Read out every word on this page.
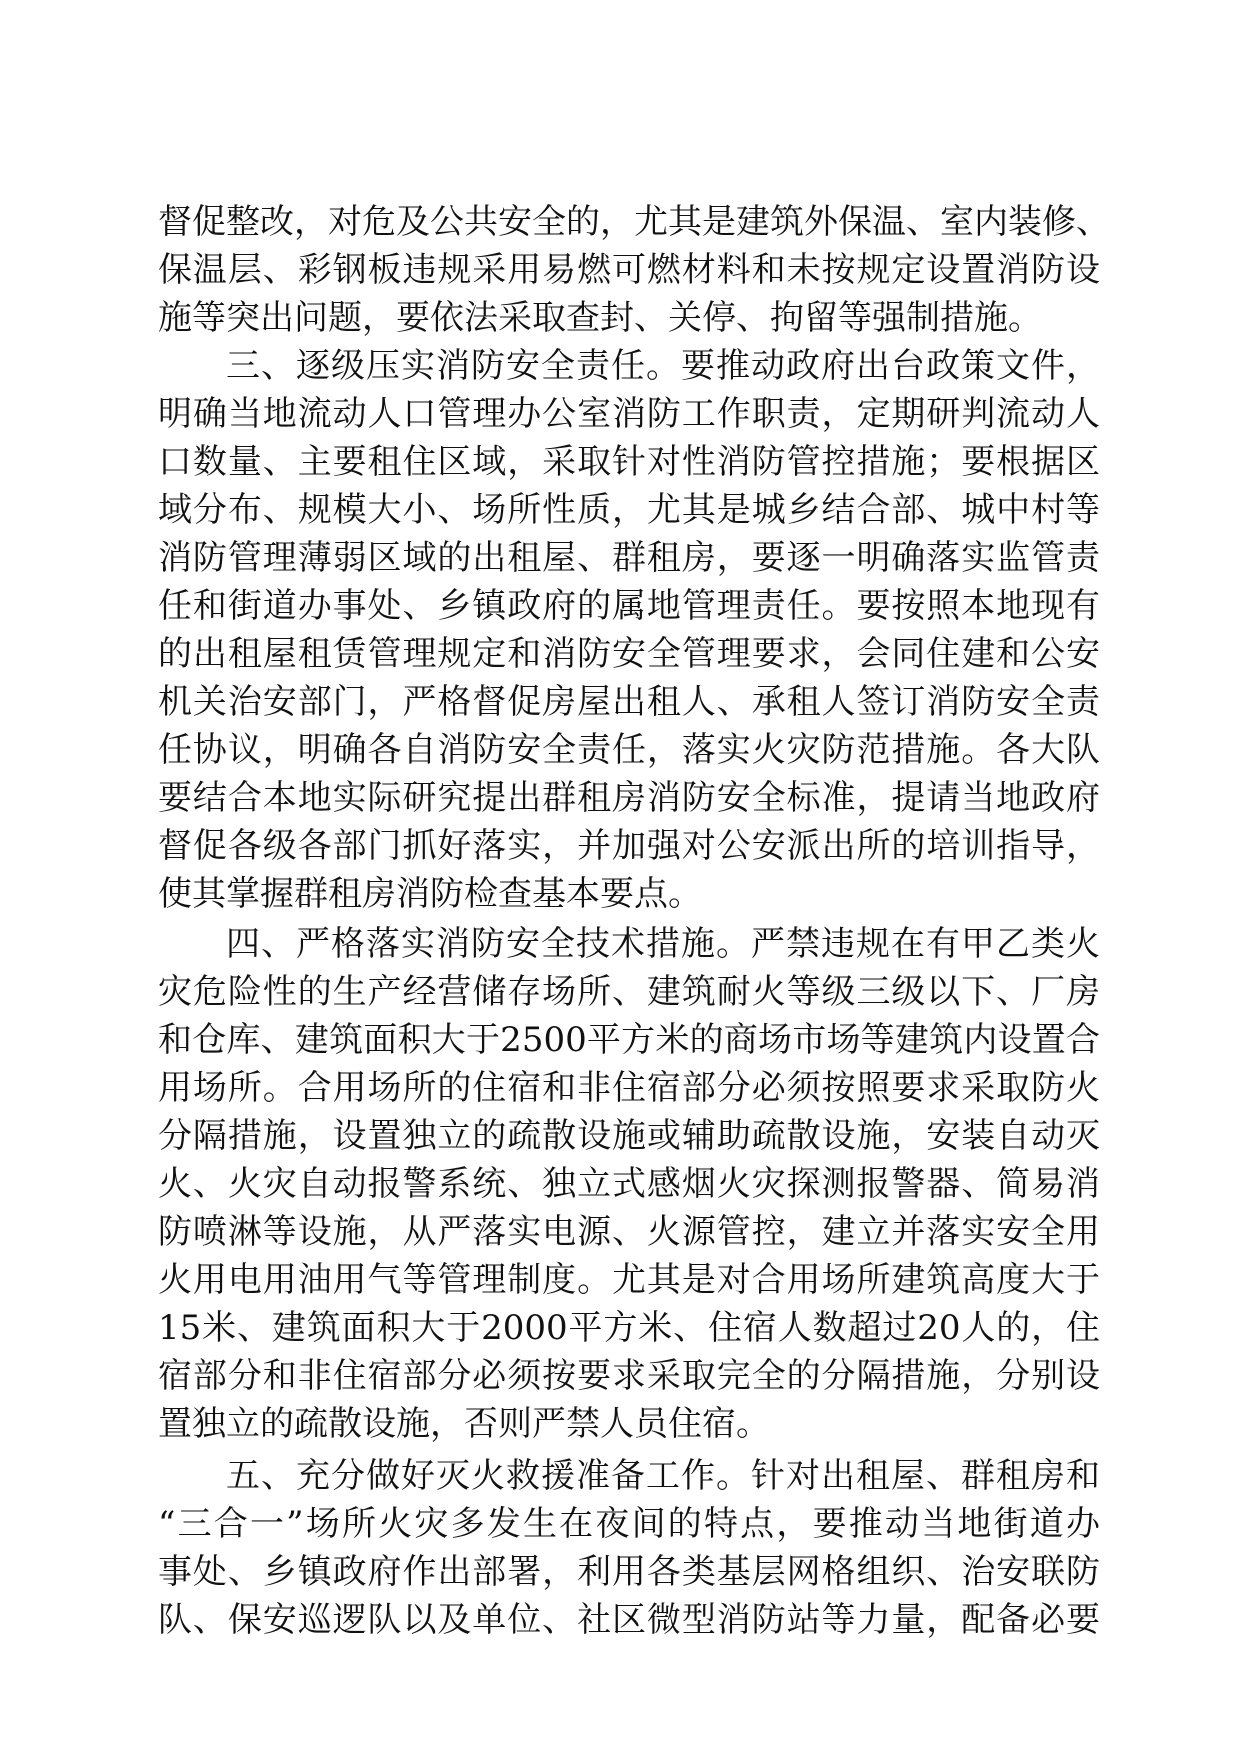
督促整改，对危及公共安全的，尤其是建筑外保温、室内装修、
保温层、彩钢板违规采用易燃可燃材料和未按规定设置消防设
施等突出问题，要依法采取查封、关停、拘留等强制措施。
三、逐级压实消防安全责任。要推动政府出台政策文件，
明确当地流动人口管理办公室消防工作职责，定期研判流动人
口数量、主要租住区域，采取针对性消防管控措施；要根据区
域分布、规模大小、场所性质，尤其是城乡结合部、城中村等
消防管理薄弱区域的出租屋、群租房，要逐一明确落实监管责
任和街道办事处、乡镇政府的属地管理责任。要按照本地现有
的出租屋租赁管理规定和消防安全管理要求，会同住建和公安
机关治安部门，严格督促房屋出租人、承租人签订消防安全责
任协议，明确各自消防安全责任，落实火灾防范措施。各大队
要结合本地实际研究提出群租房消防安全标准，提请当地政府
督促各级各部门抓好落实，并加强对公安派出所的培训指导，
使其掌握群租房消防检查基本要点。
四、严格落实消防安全技术措施。严禁违规在有甲乙类火
灾危险性的生产经营储存场所、建筑耐火等级三级以下、厂房
和仓库、建筑面积大于2500平方米的商场市场等建筑内设置合
用场所。合用场所的住宿和非住宿部分必须按照要求采取防火
分隔措施，设置独立的疏散设施或辅助疏散设施，安装自动灭
火、火灾自动报警系统、独立式感烟火灾探测报警器、简易消
防喷淋等设施，从严落实电源、火源管控，建立并落实安全用
火用电用油用气等管理制度。尤其是对合用场所建筑高度大于
15米、建筑面积大于2000平方米、住宿人数超过20人的，住
宿部分和非住宿部分必须按要求采取完全的分隔措施，分别设
置独立的疏散设施，否则严禁人员住宿。
五、充分做好灭火救援准备工作。针对出租屋、群租房和
“三合一”场所火灾多发生在夜间的特点，要推动当地街道办
事处、乡镇政府作出部署，利用各类基层网格组织、治安联防
队、保安巡逻队以及单位、社区微型消防站等力量，配备必要
